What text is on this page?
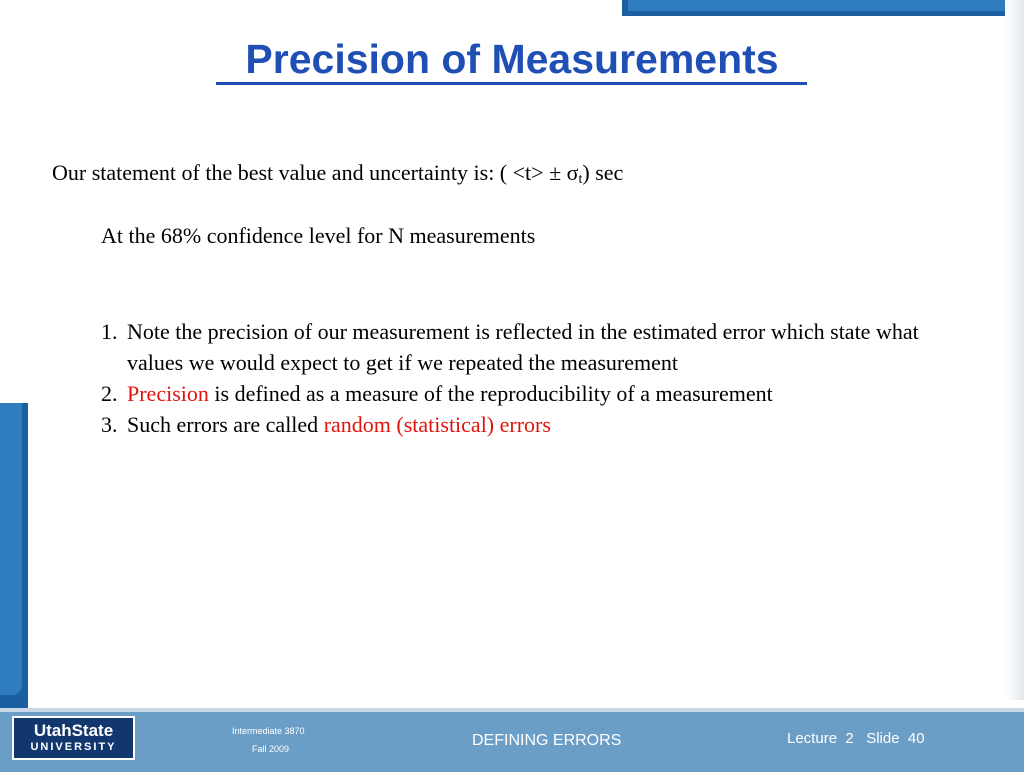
Precision of Measurements
Our statement of the best value and uncertainty is: ( $<t> \pm \sigma_t$) sec
At the 68% confidence level for N measurements
1. Note the precision of our measurement is reflected in the estimated error which state what values we would expect to get if we repeated the measurement
2. Precision is defined as a measure of the reproducibility of a measurement
3. Such errors are called random (statistical) errors
UtahState
UNIVERSITY
Intermediate 3870
Fall 2009	DEFINING ERRORS	Lecture  2   Slide  40
